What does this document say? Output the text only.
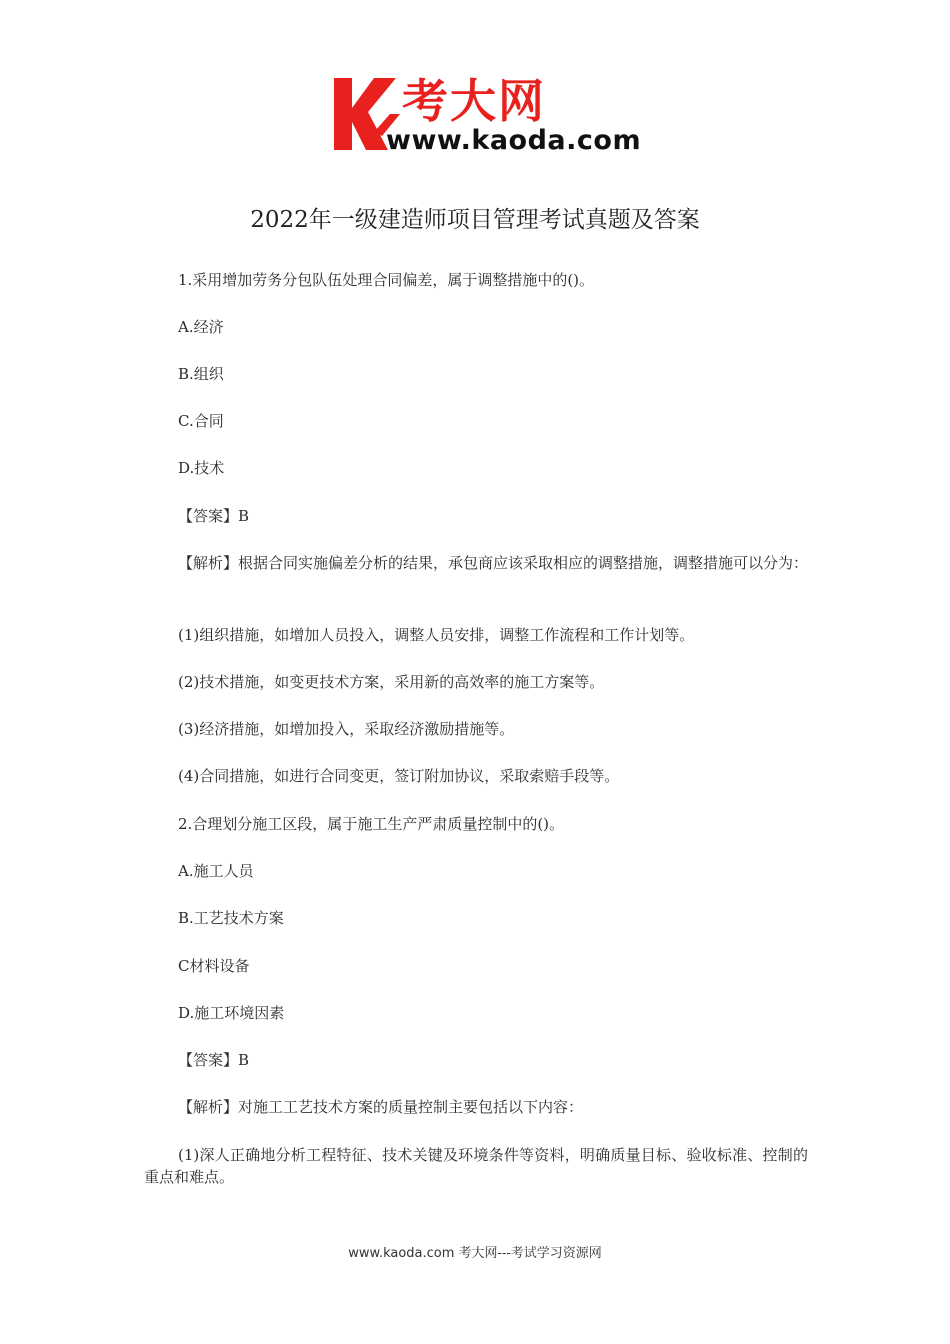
考大网
www.kaoda.com
2022年一级建造师项目管理考试真题及答案
1.采用增加劳务分包队伍处理合同偏差，属于调整措施中的()。
A.经济
B.组织
C.合同
D.技术
【答案】B
【解析】根据合同实施偏差分析的结果，承包商应该采取相应的调整措施，调整措施可以分为：
(1)组织措施，如增加人员投入，调整人员安排，调整工作流程和工作计划等。
(2)技术措施，如变更技术方案，采用新的高效率的施工方案等。
(3)经济措施，如增加投入，采取经济激励措施等。
(4)合同措施，如进行合同变更，签订附加协议，采取索赔手段等。
2.合理划分施工区段，属于施工生产严肃质量控制中的()。
A.施工人员
B.工艺技术方案
C材料设备
D.施工环境因素
【答案】B
【解析】对施工工艺技术方案的质量控制主要包括以下内容：
(1)深人正确地分析工程特征、技术关键及环境条件等资料，明确质量目标、验收标准、控制的重点和难点。
www.kaoda.com 考大网---考试学习资源网
